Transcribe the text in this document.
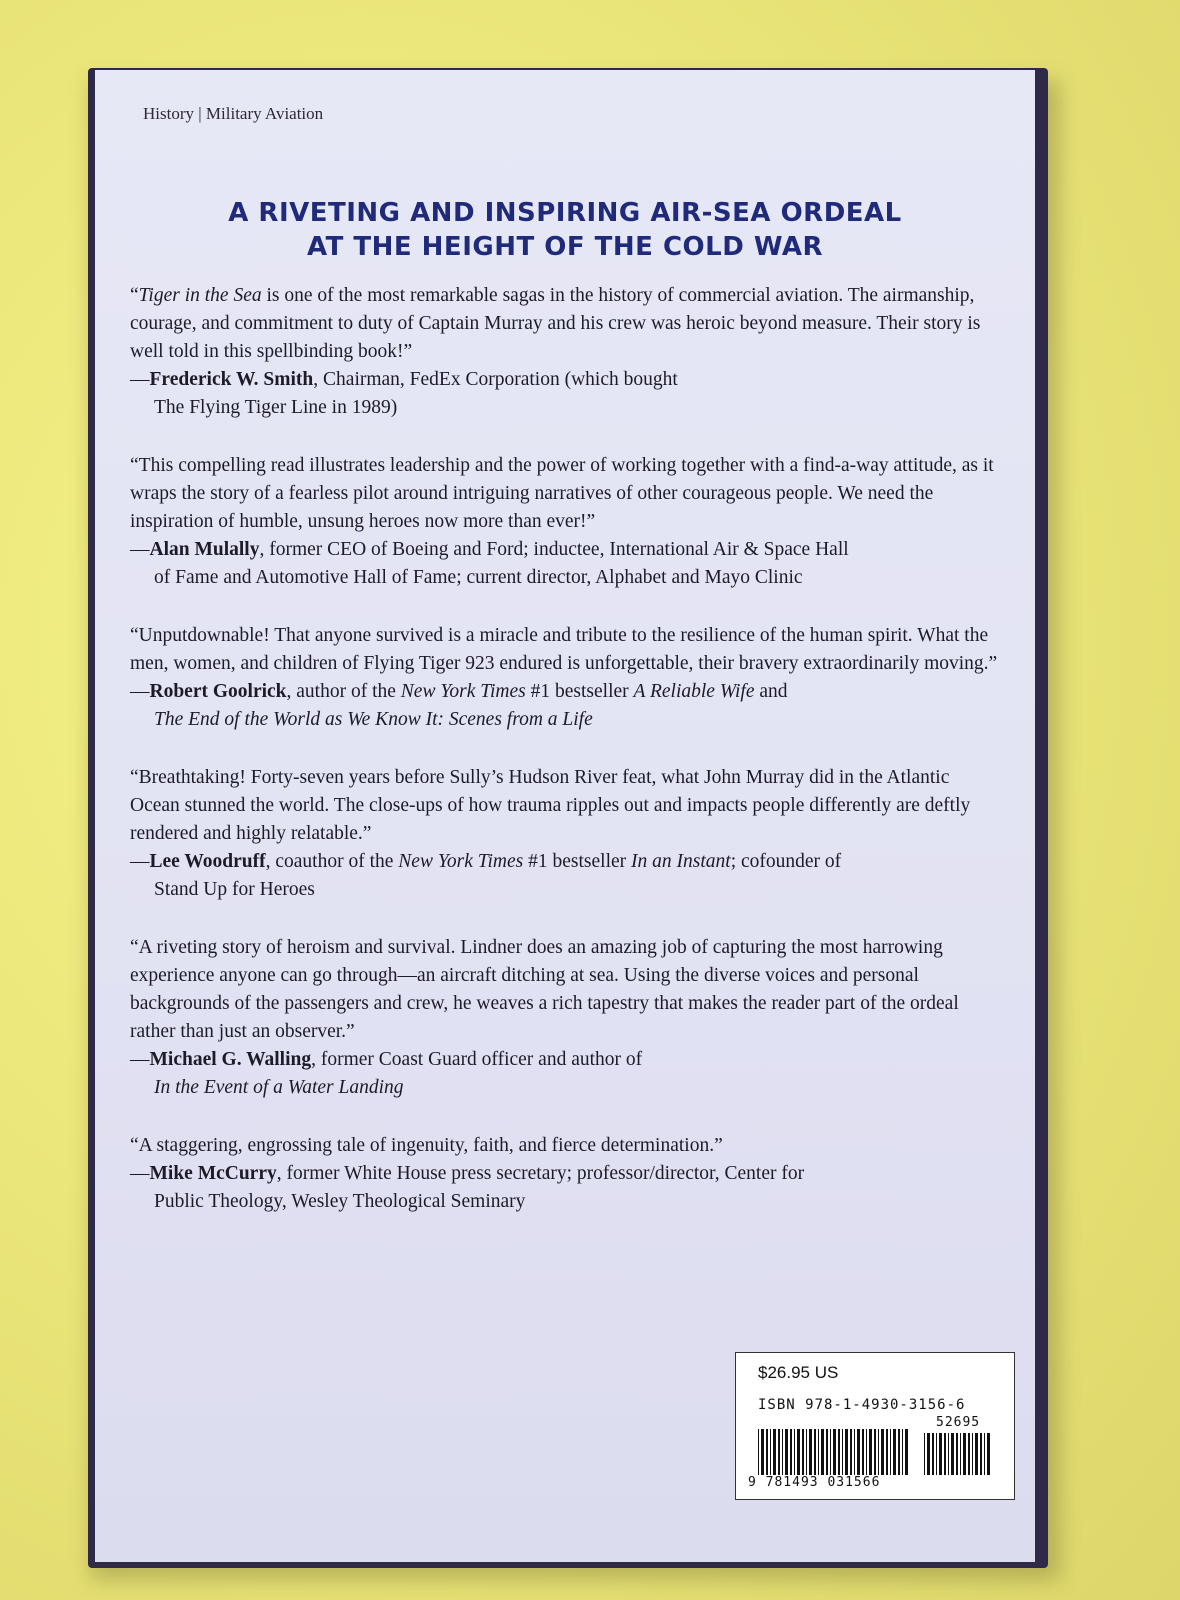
History | Military Aviation
A RIVETING AND INSPIRING AIR-SEA ORDEAL
AT THE HEIGHT OF THE COLD WAR

“Tiger in the Sea is one of the most remarkable sagas in the history of commercial aviation. The airmanship, courage, and commitment to duty of Captain Murray and his crew was heroic beyond measure. Their story is well told in this spellbinding book!”

—Frederick W. Smith, Chairman, FedEx Corporation (which bought

The Flying Tiger Line in 1989)

“This compelling read illustrates leadership and the power of working together with a find-a-way attitude, as it wraps the story of a fearless pilot around intriguing narratives of other courageous people. We need the inspiration of humble, unsung heroes now more than ever!”

—Alan Mulally, former CEO of Boeing and Ford; inductee, International Air & Space Hall

of Fame and Automotive Hall of Fame; current director, Alphabet and Mayo Clinic

“Unputdownable! That anyone survived is a miracle and tribute to the resilience of the human spirit. What the men, women, and children of Flying Tiger 923 endured is unforgettable, their bravery extraordinarily moving.”

—Robert Goolrick, author of the New York Times #1 bestseller A Reliable Wife and

The End of the World as We Know It: Scenes from a Life

“Breathtaking! Forty-seven years before Sully’s Hudson River feat, what John Murray did in the Atlantic Ocean stunned the world. The close-ups of how trauma ripples out and impacts people differently are deftly rendered and highly relatable.”

—Lee Woodruff, coauthor of the New York Times #1 bestseller In an Instant; cofounder of

Stand Up for Heroes

“A riveting story of heroism and survival. Lindner does an amazing job of capturing the most harrowing experience anyone can go through—an aircraft ditching at sea. Using the diverse voices and personal backgrounds of the passengers and crew, he weaves a rich tapestry that makes the reader part of the ordeal rather than just an observer.”

—Michael G. Walling, former Coast Guard officer and author of

In the Event of a Water Landing

“A staggering, engrossing tale of ingenuity, faith, and fierce determination.”

—Mike McCurry, former White House press secretary; professor/director, Center for

Public Theology, Wesley Theological Seminary

$26.95 US
ISBN 978-1-4930-3156-6
52695
9 781493 031566
